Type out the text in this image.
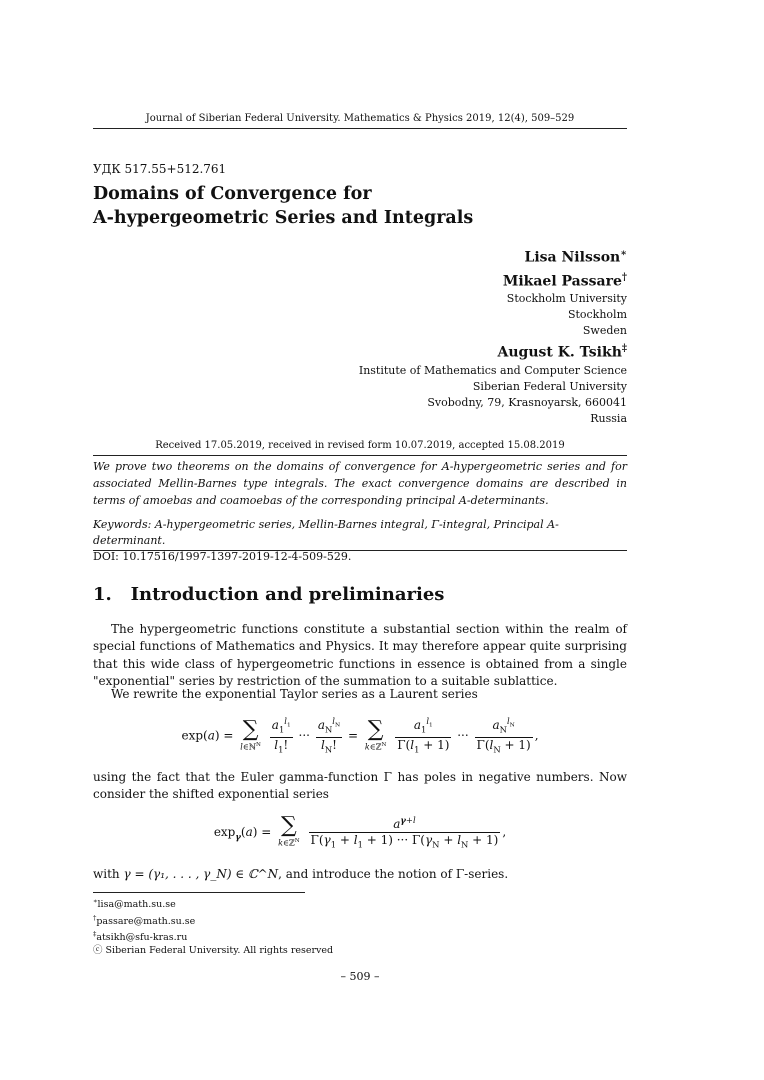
Journal of Siberian Federal University. Mathematics & Physics 2019, 12(4), 509–529
УДК 517.55+512.761
Domains of Convergence for
A-hypergeometric Series and Integrals
Lisa Nilsson∗
Mikael Passare†
Stockholm University
Stockholm
Sweden
August K. Tsikh‡
Institute of Mathematics and Computer Science
Siberian Federal University
Svobodny, 79, Krasnoyarsk, 660041
Russia
Received 17.05.2019, received in revised form 10.07.2019, accepted 15.08.2019
We prove two theorems on the domains of convergence for A-hypergeometric series and for associated Mellin-Barnes type integrals. The exact convergence domains are described in terms of amoebas and coamoebas of the corresponding principal A-determinants.
Keywords: A-hypergeometric series, Mellin-Barnes integral, Γ-integral, Principal A-determinant.
DOI: 10.17516/1997-1397-2019-12-4-509-529.
1. Introduction and preliminaries
The hypergeometric functions constitute a substantial section within the realm of special functions of Mathematics and Physics. It may therefore appear quite surprising that this wide class of hypergeometric functions in essence is obtained from a single "exponential" series by restriction of the summation to a suitable sublattice.
We rewrite the exponential Taylor series as a Laurent series
exp(a) = ∑
l∈ℕ$^N$
$\frac{a_1^{l_1}}{l_1!}$ ··· $\frac{a_N^{l_N}}{l_N!}$ = ∑
k∈ℤ$^N$
$\frac{a_1^{l_1}}{\Gamma(l_1 + 1)}$ ··· $\frac{a_N^{l_N}}{\Gamma(l_N + 1)}$ ,
using the fact that the Euler gamma-function Γ has poles in negative numbers. Now consider the shifted exponential series
$\exp_\gamma(a)$ = ∑
k∈ℤ$^N$
$\frac{a^{\gamma+l}}{\Gamma(\gamma_1 + l_1 + 1) \cdot\cdot\cdot \Gamma(\gamma_N + l_N + 1)}$ ,
with γ = (γ₁, . . . , γ_N) ∈ ℂ^N, and introduce the notion of Γ-series.
∗lisa@math.su.se
†passare@math.su.se
‡atsikh@sfu-kras.ru
ⓒ Siberian Federal University. All rights reserved
– 509 –
